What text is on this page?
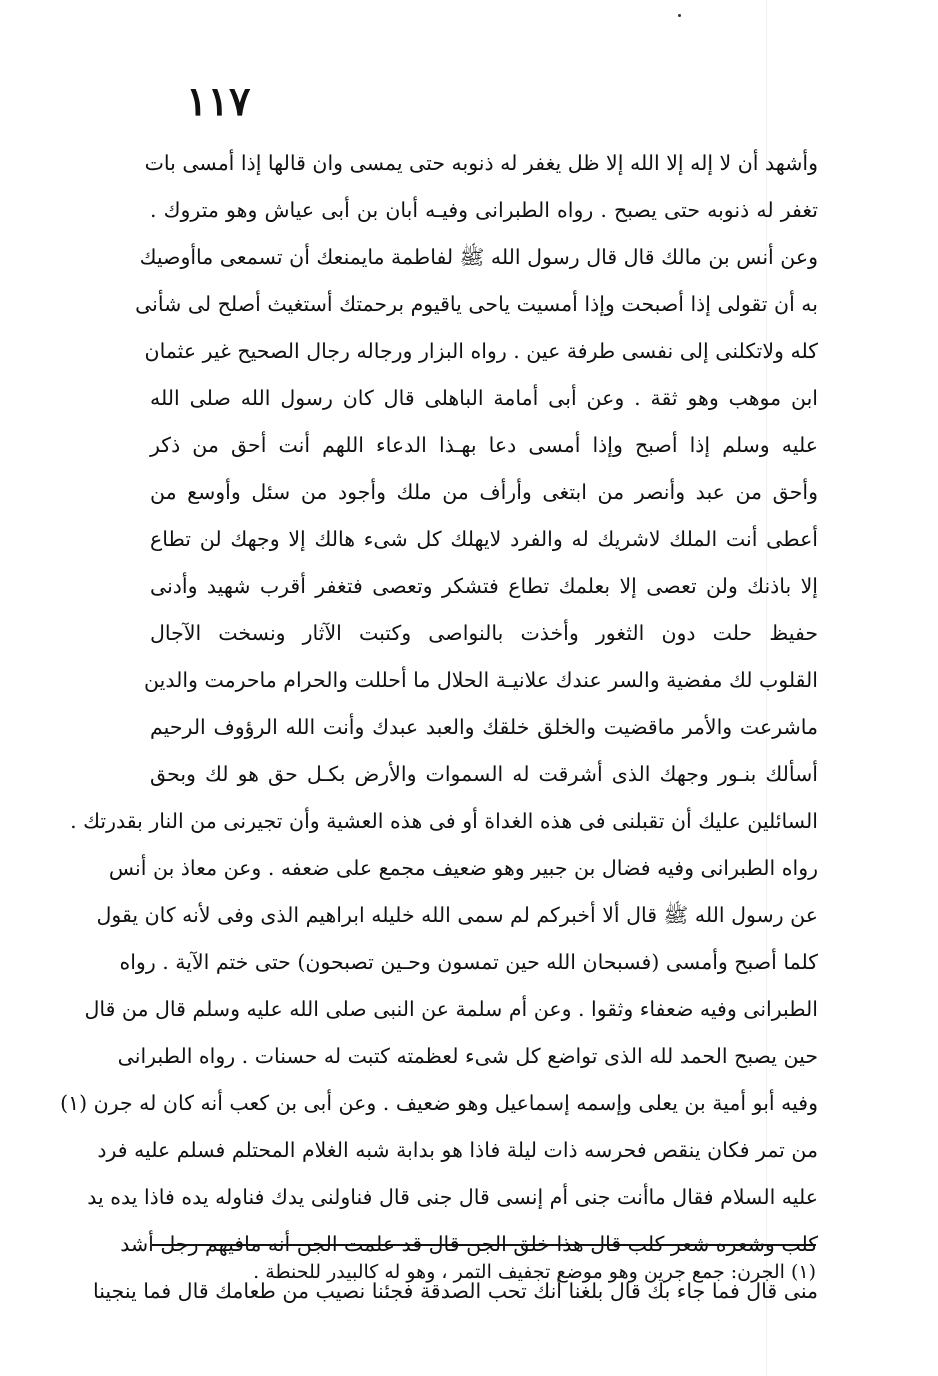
١١٧
وأشهد أن لا إله إلا الله إلا ظل يغفر له ذنوبه حتى يمسى وان قالها إذا أمسى بات
تغفر له ذنوبه حتى يصبح . رواه الطبرانى وفيـه أبان بن أبى عياش وهو متروك .
وعن أنس بن مالك قال قال رسول الله ﷺ لفاطمة مايمنعك أن تسمعى ماأوصيك
به أن تقولى إذا أصبحت وإذا أمسيت ياحى ياقيوم برحمتك أستغيث أصلح لى شأنى
كله ولاتكلنى إلى نفسى طرفة عين . رواه البزار ورجاله رجال الصحيح غير عثمان
ابن موهب وهو ثقة . وعن أبى أمامة الباهلى قال كان رسول الله صلى الله
عليه وسلم إذا أصبح وإذا أمسى دعا بهـذا الدعاء اللهم أنت أحق من ذكر
وأحق من عبد وأنصر من ابتغى وأرأف من ملك وأجود من سئل وأوسع من
أعطى أنت الملك لاشريك له والفرد لايهلك كل شىء هالك إلا وجهك لن تطاع
إلا باذنك ولن تعصى إلا بعلمك تطاع فتشكر وتعصى فتغفر أقرب شهيد وأدنى
حفيظ حلت دون الثغور وأخذت بالنواصى وكتبت الآثار ونسخت الآجال
القلوب لك مفضية والسر عندك علانيـة الحلال ما أحللت والحرام ماحرمت والدين
ماشرعت والأمر ماقضيت والخلق خلقك والعبد عبدك وأنت الله الرؤوف الرحيم
أسألك بنـور وجهك الذى أشرقت له السموات والأرض بكـل حق هو لك وبحق
السائلين عليك أن تقبلنى فى هذه الغداة أو فى هذه العشية وأن تجيرنى من النار بقدرتك .
رواه الطبرانى وفيه فضال بن جبير وهو ضعيف مجمع على ضعفه . وعن معاذ بن أنس
عن رسول الله ﷺ قال ألا أخبركم لم سمى الله خليله ابراهيم الذى وفى لأنه كان يقول
كلما أصبح وأمسى (فسبحان الله حين تمسون وحـين تصبحون) حتى ختم الآية . رواه
الطبرانى وفيه ضعفاء وثقوا . وعن أم سلمة عن النبى صلى الله عليه وسلم قال من قال
حين يصبح الحمد لله الذى تواضع كل شىء لعظمته كتبت له حسنات . رواه الطبرانى
وفيه أبو أمية بن يعلى وإسمه إسماعيل وهو ضعيف . وعن أبى بن كعب أنه كان له جرن (١)
من تمر فكان ينقص فحرسه ذات ليلة فاذا هو بدابة شبه الغلام المحتلم فسلم عليه فرد
عليه السلام فقال ماأنت جنى أم إنسى قال جنى قال فناولنى يدك فناوله يده فاذا يده يد
كلب وشعره شعر كلب قال هذا خلق الجن قال قد علمت الجن أنه مافيهم رجل أشد
منى قال فما جاء بك قال بلغنا أنك تحب الصدقة فجئنا نصيب من طعامك قال فما ينجينا
(١) الجرن: جمع جرين وهو موضع تجفيف التمر ، وهو له كالبيدر للحنطة .
